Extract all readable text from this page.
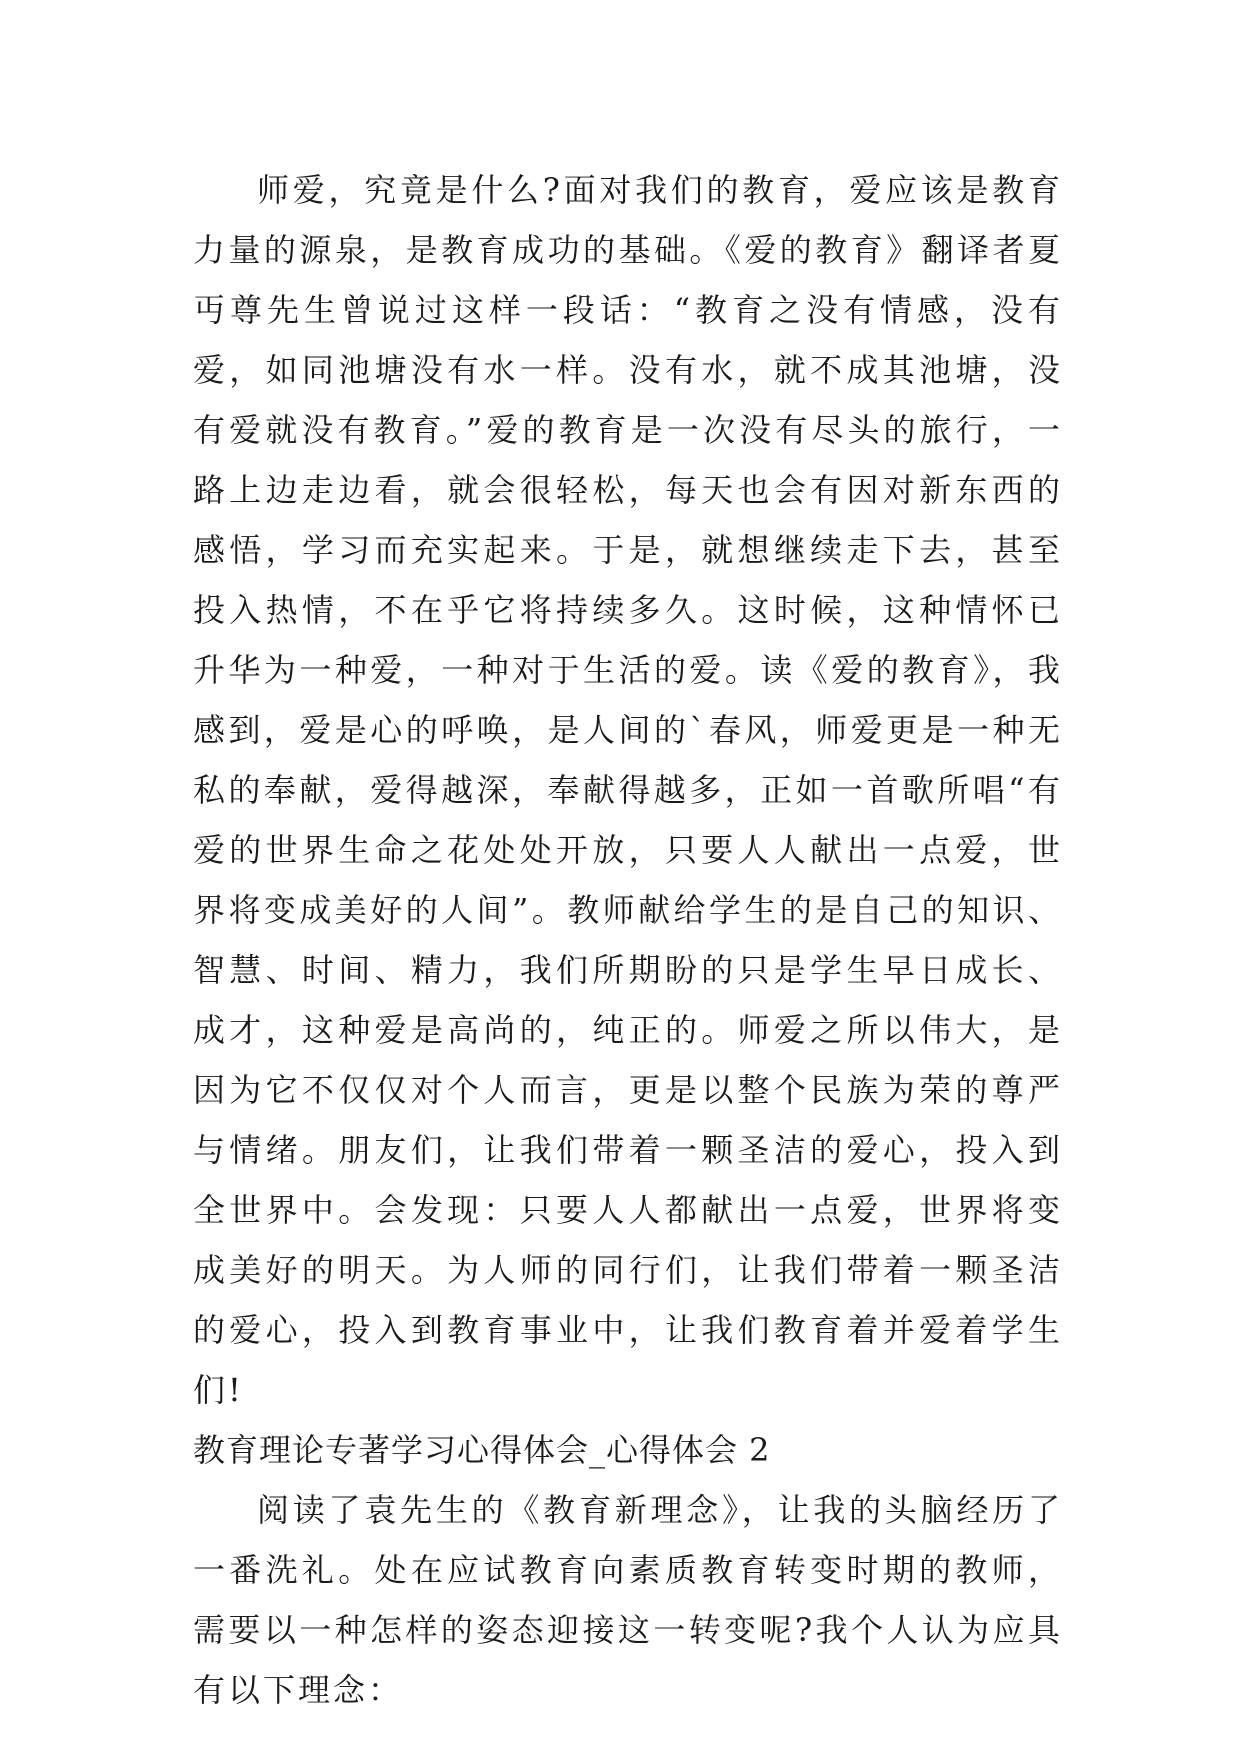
师爱，究竟是什么?面对我们的教育，爱应该是教育力量的源泉，是教育成功的基础。《爱的教育》翻译者夏丏尊先生曾说过这样一段话：“教育之没有情感，没有爱，如同池塘没有水一样。没有水，就不成其池塘，没有爱就没有教育。”爱的教育是一次没有尽头的旅行，一路上边走边看，就会很轻松，每天也会有因对新东西的感悟，学习而充实起来。于是，就想继续走下去，甚至投入热情，不在乎它将持续多久。这时候，这种情怀已升华为一种爱，一种对于生活的爱。读《爱的教育》，我感到，爱是心的呼唤，是人间的`春风，师爱更是一种无私的奉献，爱得越深，奉献得越多，正如一首歌所唱“有爱的世界生命之花处处开放，只要人人献出一点爱，世界将变成美好的人间”。教师献给学生的是自己的知识、智慧、时间、精力，我们所期盼的只是学生早日成长、成才，这种爱是高尚的，纯正的。师爱之所以伟大，是因为它不仅仅对个人而言，更是以整个民族为荣的尊严与情绪。朋友们，让我们带着一颗圣洁的爱心，投入到全世界中。会发现：只要人人都献出一点爱，世界将变成美好的明天。为人师的同行们，让我们带着一颗圣洁的爱心，投入到教育事业中，让我们教育着并爱着学生们!

教育理论专著学习心得体会_心得体会 2

阅读了袁先生的《教育新理念》，让我的头脑经历了一番洗礼。处在应试教育向素质教育转变时期的教师，需要以一种怎样的姿态迎接这一转变呢?我个人认为应具有以下理念：
